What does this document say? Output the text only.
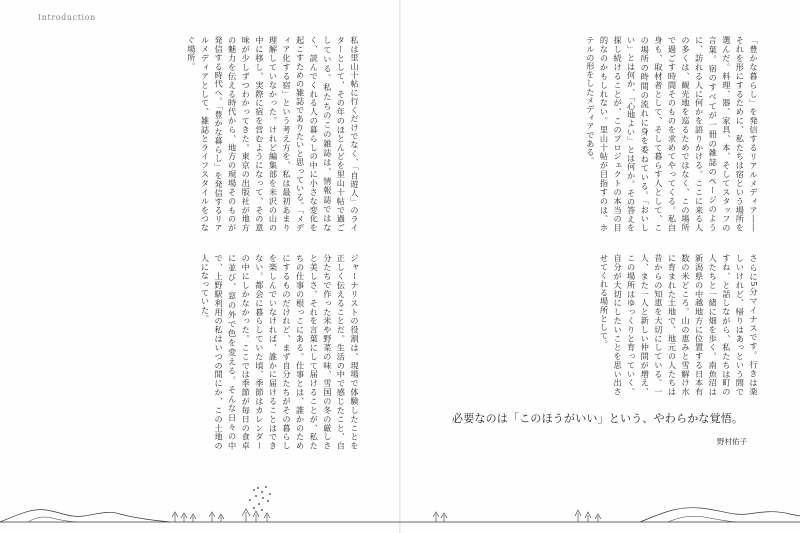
Introduction
私は里山十帖に行くだけでなく、「自遊人」のライターとして、その年のほとんどを里山十帖で過ごしている。私たちのこの雑誌は、情報誌ではなく、読んでくれる人の暮らしの中に小さな変化を起こすための雑誌でありたいと思っている。「メディア化する宿」という考え方を、私は最初あまり理解していなかった。けれど編集部を米沢の山の中に移し、実際に宿を営むようになって、その意味が少しずつわかってきた。東京の出版社が地方の魅力を伝える時代から、地方の現場そのものが発信する時代へ。「豊かな暮らし」を発信するリアルメディアとして、雑誌とライフスタイルをつなぐ場所。
ジャーナリストの役割は、現場で体験したことを正しく伝えることだ。生活の中で感じたこと、自分たちで作った米や野菜の味、雪国の冬の厳しさと美しさ。それを言葉にして届けることが、私たちの仕事の根っこにある。仕事とは、誰かのためにするものだけれど、まず自分たちがその暮らしを楽しんでいなければ、誰かに届けることはできない。都会に暮らしていた頃、季節はカレンダーの中にしかなかった。ここでは季節が毎日の食卓に並び、窓の外で色を変える。そんな日々の中で、上野駅利用の私はいつの間にか、この土地の人になっていた。
「豊かな暮らし」を発信するリアルメディア――それを形にするために、私たちは宿という場所を選んだ。料理、器、家具、本、そしてスタッフの言葉。宿のすべてが一冊の雑誌のページのように、訪れる人に何かを語りかける。ここに来る人の多くは、観光地を巡るためではなく、この場所で過ごす時間そのものを求めてやってくる。私自身も、取材者として、そして暮らす人として、この場所の時間の流れに身を委ねている。「おいしい」とは何か、「心地よい」とは何か。その答えを探し続けることが、このプロジェクトの本当の目的なのかもしれない。里山十帖が目指すのは、ホテルの形をしたメディアである。
さらに5分マイナスです。行きは楽しいけれど、帰りはあっという間ですね、と話しながら、私たちは町の人たちと一緒に畑を歩く。南魚沼は新潟県の中越地方に位置する日本有数の米どころ。山の恵みと雪解け水に育まれた土地で、地元の人たちは昔からの知恵を大切にしている。一人、また一人と新しい仲間が増え、この場所はゆっくりと育っていく。自分が大切にしたいことを思い出させてくれる場所として。
必要なのは「このほうがいい」という、やわらかな覚悟。
野村佑子
